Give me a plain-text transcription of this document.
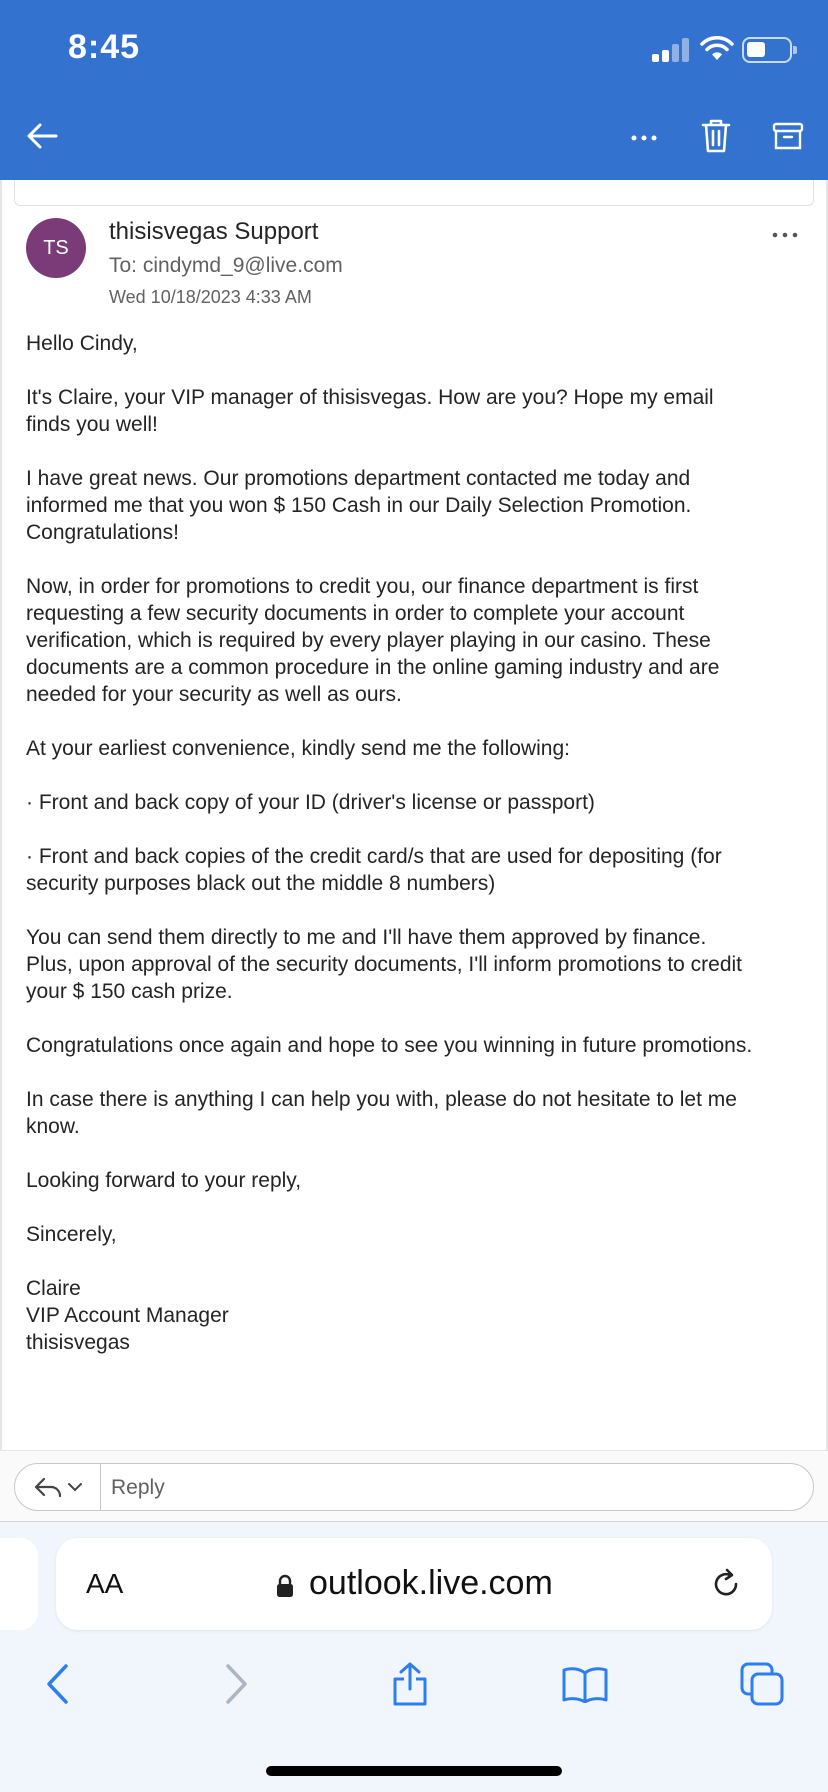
8:45
TS
thisisvegas Support
To: cindymd_9@live.com
Wed 10/18/2023 4:33 AM

Hello Cindy,

It's Claire, your VIP manager of thisisvegas. How are you? Hope my email finds you well!

I have great news. Our promotions department contacted me today and informed me that you won $ 150 Cash in our Daily Selection Promotion. Congratulations!

Now, in order for promotions to credit you, our finance department is first requesting a few security documents in order to complete your account verification, which is required by every player playing in our casino. These documents are a common procedure in the online gaming industry and are needed for your security as well as ours.

At your earliest convenience, kindly send me the following:

· Front and back copy of your ID (driver's license or passport)

· Front and back copies of the credit card/s that are used for depositing (for security purposes black out the middle 8 numbers)

You can send them directly to me and I'll have them approved by finance. Plus, upon approval of the security documents, I'll inform promotions to credit your $ 150 cash prize.

Congratulations once again and hope to see you winning in future promotions.

In case there is anything I can help you with, please do not hesitate to let me know.

Looking forward to your reply,

Sincerely,

Claire
VIP Account Manager
thisisvegas
Reply
AA	outlook.live.com
